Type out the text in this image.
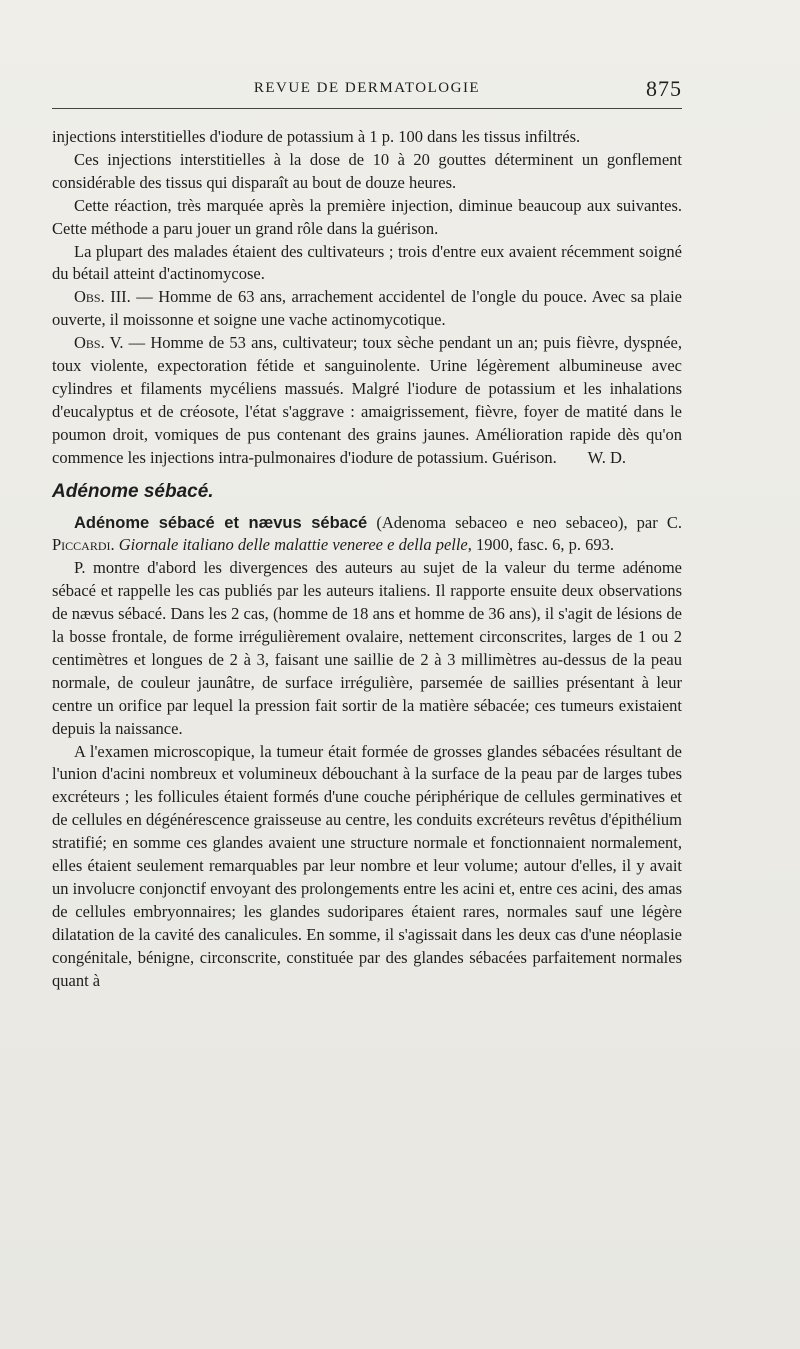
REVUE DE DERMATOLOGIE	875

injections interstitielles d'iodure de potassium à 1 p. 100 dans les tissus infiltrés.

Ces injections interstitielles à la dose de 10 à 20 gouttes déterminent un gonflement considérable des tissus qui disparaît au bout de douze heures.

Cette réaction, très marquée après la première injection, diminue beaucoup aux suivantes. Cette méthode a paru jouer un grand rôle dans la guérison.

La plupart des malades étaient des cultivateurs ; trois d'entre eux avaient récemment soigné du bétail atteint d'actinomycose.

Obs. III. — Homme de 63 ans, arrachement accidentel de l'ongle du pouce. Avec sa plaie ouverte, il moissonne et soigne une vache actinomycotique.

Obs. V. — Homme de 53 ans, cultivateur; toux sèche pendant un an; puis fièvre, dyspnée, toux violente, expectoration fétide et sanguinolente. Urine légèrement albumineuse avec cylindres et filaments mycéliens massués. Malgré l'iodure de potassium et les inhalations d'eucalyptus et de créosote, l'état s'aggrave : amaigrissement, fièvre, foyer de matité dans le poumon droit, vomiques de pus contenant des grains jaunes. Amélioration rapide dès qu'on commence les injections intra-pulmonaires d'iodure de potassium. Guérison.	W. D.

Adénome sébacé.

Adénome sébacé et nævus sébacé (Adenoma sebaceo e neo sebaceo), par C. Piccardi. Giornale italiano delle malattie veneree e della pelle, 1900, fasc. 6, p. 693.

P. montre d'abord les divergences des auteurs au sujet de la valeur du terme adénome sébacé et rappelle les cas publiés par les auteurs italiens. Il rapporte ensuite deux observations de nævus sébacé. Dans les 2 cas, (homme de 18 ans et homme de 36 ans), il s'agit de lésions de la bosse frontale, de forme irrégulièrement ovalaire, nettement circonscrites, larges de 1 ou 2 centimètres et longues de 2 à 3, faisant une saillie de 2 à 3 millimètres au-dessus de la peau normale, de couleur jaunâtre, de surface irrégulière, parsemée de saillies présentant à leur centre un orifice par lequel la pression fait sortir de la matière sébacée; ces tumeurs existaient depuis la naissance.

A l'examen microscopique, la tumeur était formée de grosses glandes sébacées résultant de l'union d'acini nombreux et volumineux débouchant à la surface de la peau par de larges tubes excréteurs ; les follicules étaient formés d'une couche périphérique de cellules germinatives et de cellules en dégénérescence graisseuse au centre, les conduits excréteurs revêtus d'épithélium stratifié; en somme ces glandes avaient une structure normale et fonctionnaient normalement, elles étaient seulement remarquables par leur nombre et leur volume; autour d'elles, il y avait un involucre conjonctif envoyant des prolongements entre les acini et, entre ces acini, des amas de cellules embryonnaires; les glandes sudoripares étaient rares, normales sauf une légère dilatation de la cavité des canalicules. En somme, il s'agissait dans les deux cas d'une néoplasie congénitale, bénigne, circonscrite, constituée par des glandes sébacées parfaitement normales quant à
